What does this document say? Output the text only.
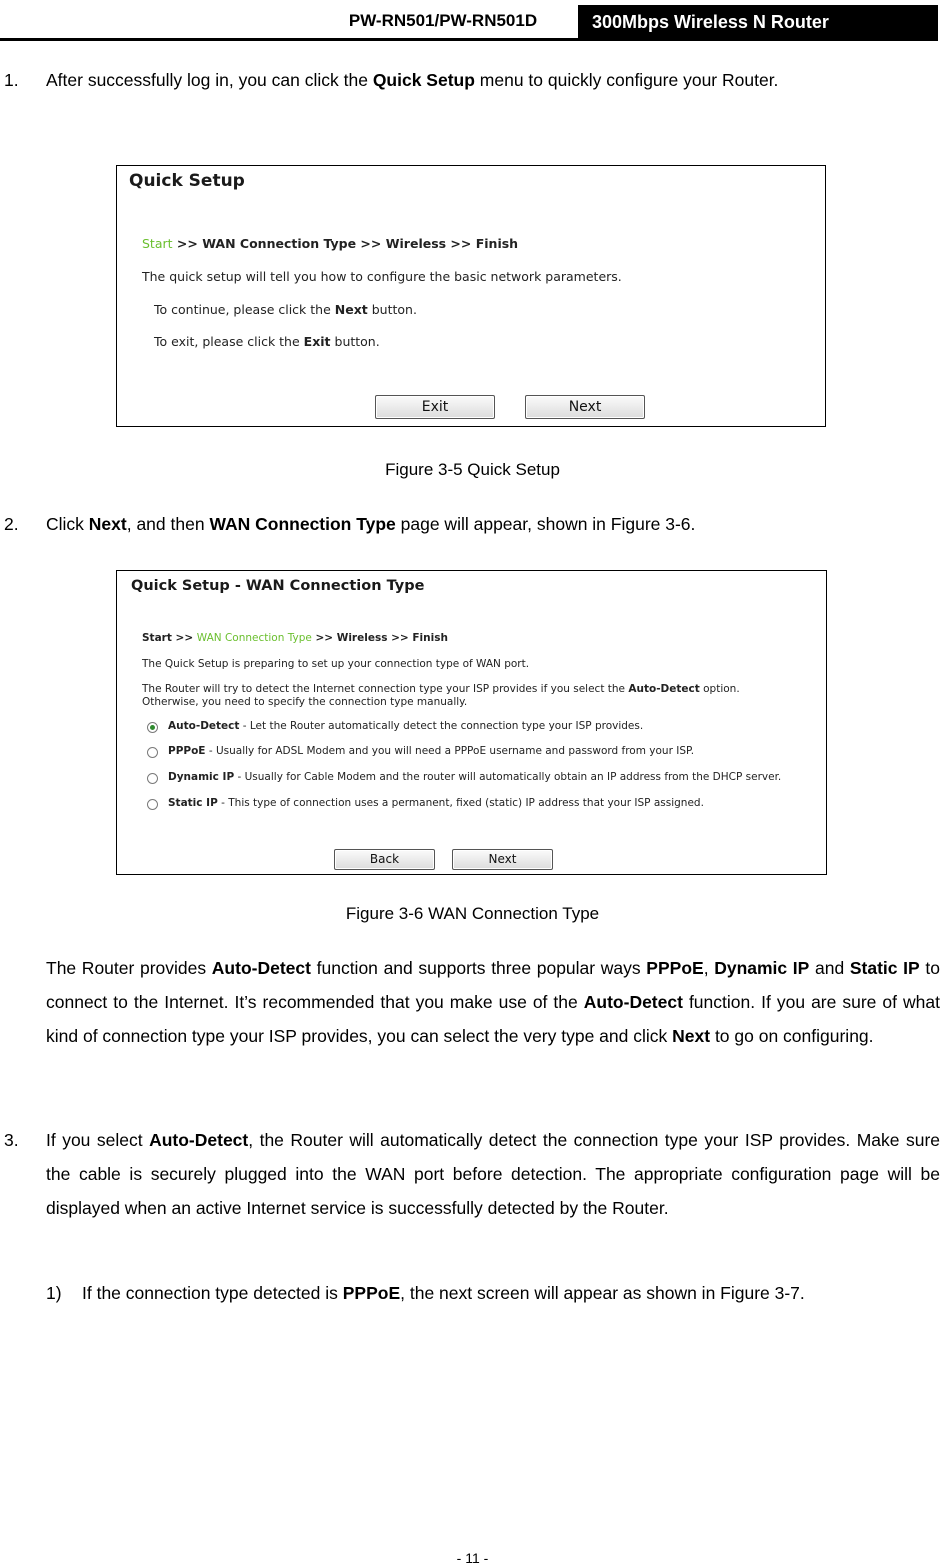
PW-RN501/PW-RN501D	300Mbps Wireless N Router
1. After successfully log in, you can click the Quick Setup menu to quickly configure your Router.
Quick Setup
Start >> WAN Connection Type >> Wireless >> Finish
The quick setup will tell you how to configure the basic network parameters.
To continue, please click the Next button.
To exit, please click the Exit button.
Exit	Next
Figure 3-5 Quick Setup
2. Click Next, and then WAN Connection Type page will appear, shown in Figure 3-6.
Quick Setup - WAN Connection Type
Start >> WAN Connection Type >> Wireless >> Finish
The Quick Setup is preparing to set up your connection type of WAN port.
The Router will try to detect the Internet connection type your ISP provides if you select the Auto-Detect option.
Otherwise, you need to specify the connection type manually.
Auto-Detect - Let the Router automatically detect the connection type your ISP provides.
PPPoE - Usually for ADSL Modem and you will need a PPPoE username and password from your ISP.
Dynamic IP - Usually for Cable Modem and the router will automatically obtain an IP address from the DHCP server.
Static IP - This type of connection uses a permanent, fixed (static) IP address that your ISP assigned.
Back	Next
Figure 3-6 WAN Connection Type
The Router provides Auto-Detect function and supports three popular ways PPPoE, Dynamic IP and Static IP to connect to the Internet. It’s recommended that you make use of the Auto-Detect function. If you are sure of what kind of connection type your ISP provides, you can select the very type and click Next to go on configuring.
3. If you select Auto-Detect, the Router will automatically detect the connection type your ISP provides. Make sure the cable is securely plugged into the WAN port before detection. The appropriate configuration page will be displayed when an active Internet service is successfully detected by the Router.
1) If the connection type detected is PPPoE, the next screen will appear as shown in Figure 3-7.
- 11 -
